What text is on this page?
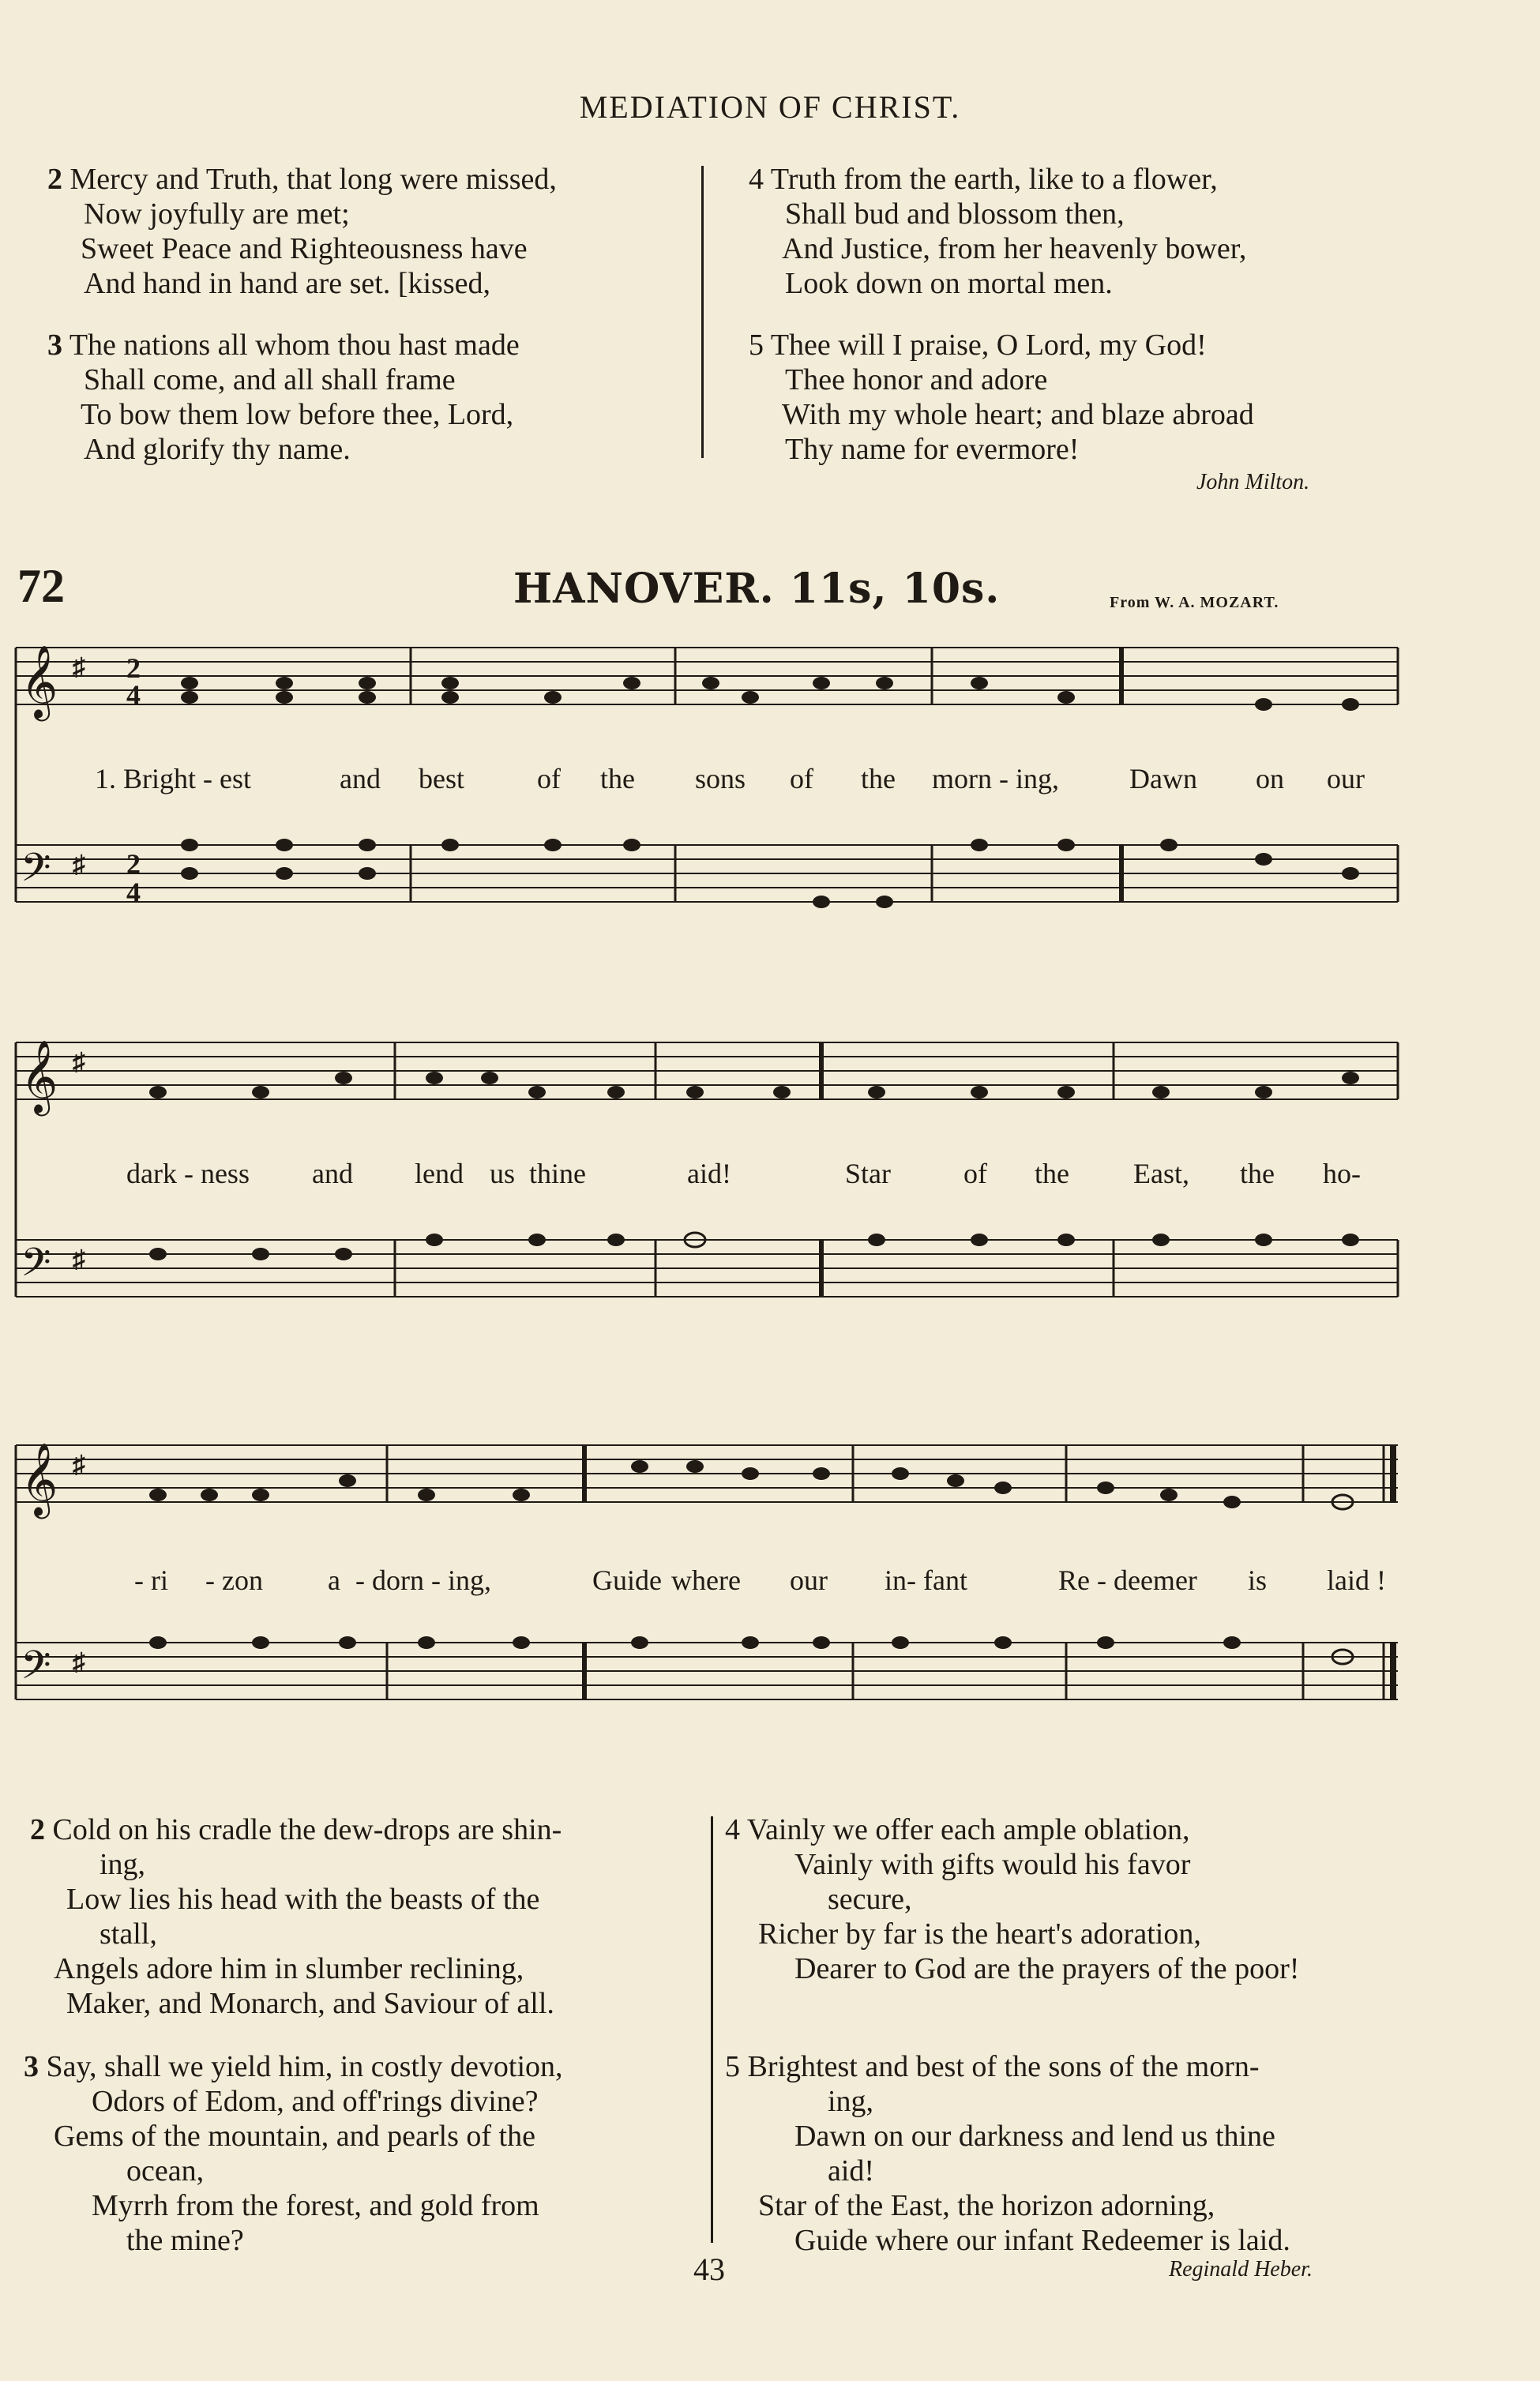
MEDIATION OF CHRIST.
2 Mercy and Truth, that long were missed,
Now joyfully are met;
Sweet Peace and Righteousness have
And hand in hand are set. [kissed,
3 The nations all whom thou hast made
Shall come, and all shall frame
To bow them low before thee, Lord,
And glorify thy name.
4 Truth from the earth, like to a flower,
Shall bud and blossom then,
And Justice, from her heavenly bower,
Look down on mortal men.
5 Thee will I praise, O Lord, my God!
Thee honor and adore
With my whole heart; and blaze abroad
Thy name for evermore!
John Milton.
72	HANOVER. 11s, 10s.	From W. A. MOZART.
𝄞
𝄢
♯
♯
2
4
2
4
𝄞
𝄢
♯
♯
𝄞
𝄢
♯
♯
1. Bright - est	and best	of the sons of the morn - ing, Dawn on our
dark - ness and lend us thine	aid!	Star	of the East, the ho-
- ri - zon a - dorn - ing,	Guide where our in- fant	Re - deemer is laid !
2 Cold on his cradle the dew-drops are shin-
ing,
Low lies his head with the beasts of the
stall,
Angels adore him in slumber reclining,
Maker, and Monarch, and Saviour of all.
3 Say, shall we yield him, in costly devotion,
Odors of Edom, and off'rings divine?
Gems of the mountain, and pearls of the
ocean,
Myrrh from the forest, and gold from
the mine?
4 Vainly we offer each ample oblation,
Vainly with gifts would his favor
secure,
Richer by far is the heart's adoration,
Dearer to God are the prayers of the poor!
5 Brightest and best of the sons of the morn-
ing,
Dawn on our darkness and lend us thine
aid!
Star of the East, the horizon adorning,
Guide where our infant Redeemer is laid.
43	Reginald Heber.
